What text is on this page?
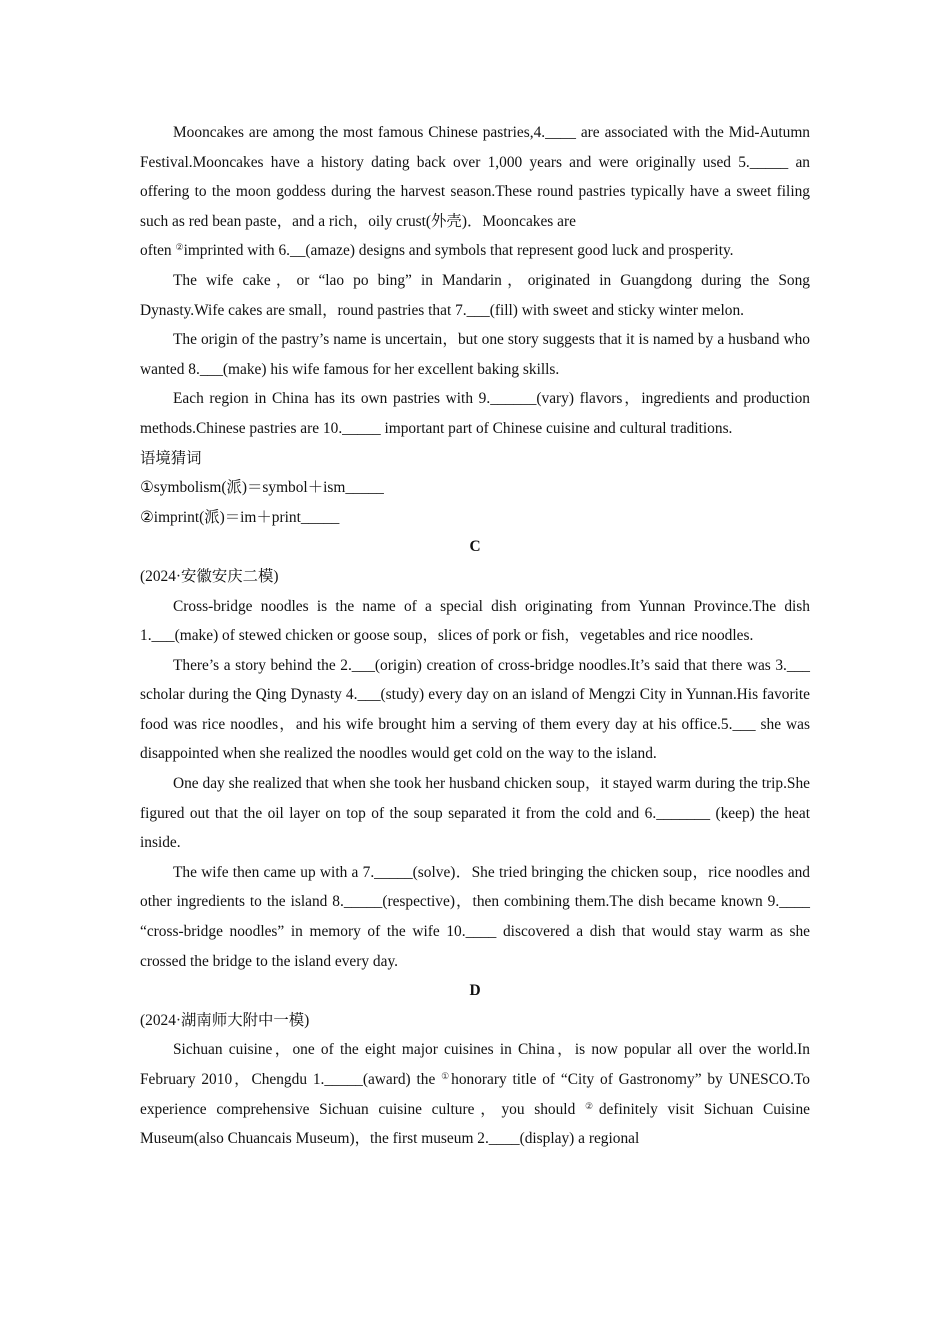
Mooncakes are among the most famous Chinese pastries,4.____ are associated with the Mid-Autumn Festival.Mooncakes have a history dating back over 1,000 years and were originally used 5._____ an offering to the moon goddess during the harvest season.These round pastries typically have a sweet filing such as red bean paste，and a rich，oily crust(外壳)．Mooncakes are

often ②imprinted with 6.__(amaze) designs and symbols that represent good luck and prosperity.

The wife cake，or “lao po bing” in Mandarin，originated in Guangdong during the Song Dynasty.Wife cakes are small，round pastries that 7.___(fill) with sweet and sticky winter melon.

The origin of the pastry’s name is uncertain，but one story suggests that it is named by a husband who wanted 8.___(make) his wife famous for her excellent baking skills.

Each region in China has its own pastries with 9.______(vary) flavors，ingredients and production methods.Chinese pastries are 10._____ important part of Chinese cuisine and cultural traditions.

语境猜词

①symbolism(派)＝symbol＋ism_____

②imprint(派)＝im＋print_____

C

(2024·安徽安庆二模)

Cross-bridge noodles is the name of a special dish originating from Yunnan Province.The dish 1.___(make) of stewed chicken or goose soup，slices of pork or fish，vegetables and rice noodles.

There’s a story behind the 2.___(origin) creation of cross-bridge noodles.It’s said that there was 3.___ scholar during the Qing Dynasty 4.___(study) every day on an island of Mengzi City in Yunnan.His favorite food was rice noodles，and his wife brought him a serving of them every day at his office.5.___ she was disappointed when she realized the noodles would get cold on the way to the island.

One day she realized that when she took her husband chicken soup，it stayed warm during the trip.She figured out that the oil layer on top of the soup separated it from the cold and 6._______ (keep) the heat inside.

The wife then came up with a 7._____(solve)．She tried bringing the chicken soup，rice noodles and other ingredients to the island 8._____(respective)，then combining them.The dish became known 9.____ “cross-bridge noodles” in memory of the wife 10.____ discovered a dish that would stay warm as she crossed the bridge to the island every day.

D

(2024·湖南师大附中一模)

Sichuan cuisine，one of the eight major cuisines in China，is now popular all over the world.In February 2010，Chengdu 1._____(award) the ①honorary title of “City of Gastronomy” by UNESCO.To experience comprehensive Sichuan cuisine culture，you should ②definitely visit Sichuan Cuisine Museum(also Chuancais Museum)，the first museum 2.____(display) a regional
